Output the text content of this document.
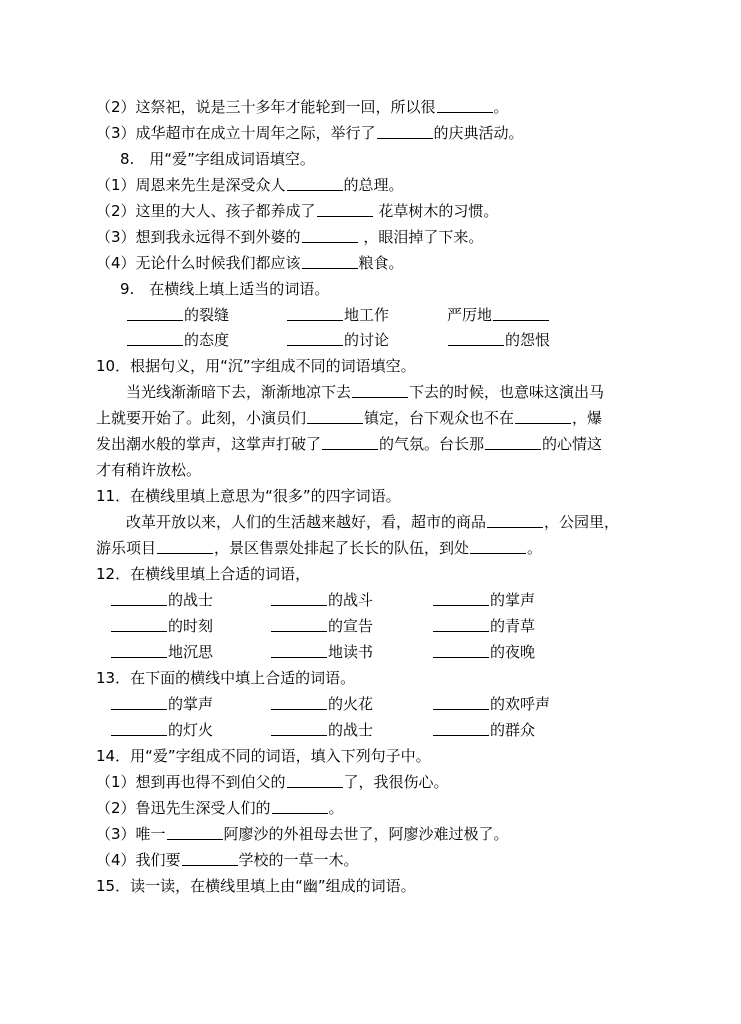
（2）这祭祀，说是三十多年才能轮到一回，所以很	。
（3）成华超市在成立十周年之际，举行了	的庆典活动。
8.　用“爱”字组成词语填空。
（1）周恩来先生是深受众人	的总理。
（2）这里的大人、孩子都养成了	花草树木的习惯。
（3）想到我永远得不到外婆的	，眼泪掉了下来。
（4）无论什么时候我们都应该	粮食。
9.　在横线上填上适当的词语。
的裂缝	地工作	严厉地
的态度	的讨论	的怨恨
10．根据句义，用“沉”字组成不同的词语填空。
当光线渐渐暗下去，渐渐地凉下去	下去的时候，也意味这演出马
上就要开始了。此刻，小演员们	镇定，台下观众也不在	，爆
发出潮水般的掌声，这掌声打破了	的气氛。台长那	的心情这
才有稍许放松。
11．在横线里填上意思为“很多”的四字词语。
改革开放以来，人们的生活越来越好，看，超市的商品	，公园里，
游乐项目	，景区售票处排起了长长的队伍，到处	。
12．在横线里填上合适的词语，
的战士	的战斗	的掌声
的时刻	的宣告	的青草
地沉思	地读书	的夜晚
13．在下面的横线中填上合适的词语。
的掌声	的火花	的欢呼声
的灯火	的战士	的群众
14．用“爱”字组成不同的词语，填入下列句子中。
（1）想到再也得不到伯父的	了，我很伤心。
（2）鲁迅先生深受人们的	。
（3）唯一	阿廖沙的外祖母去世了，阿廖沙难过极了。
（4）我们要	学校的一草一木。
15．读一读，在横线里填上由“幽”组成的词语。
